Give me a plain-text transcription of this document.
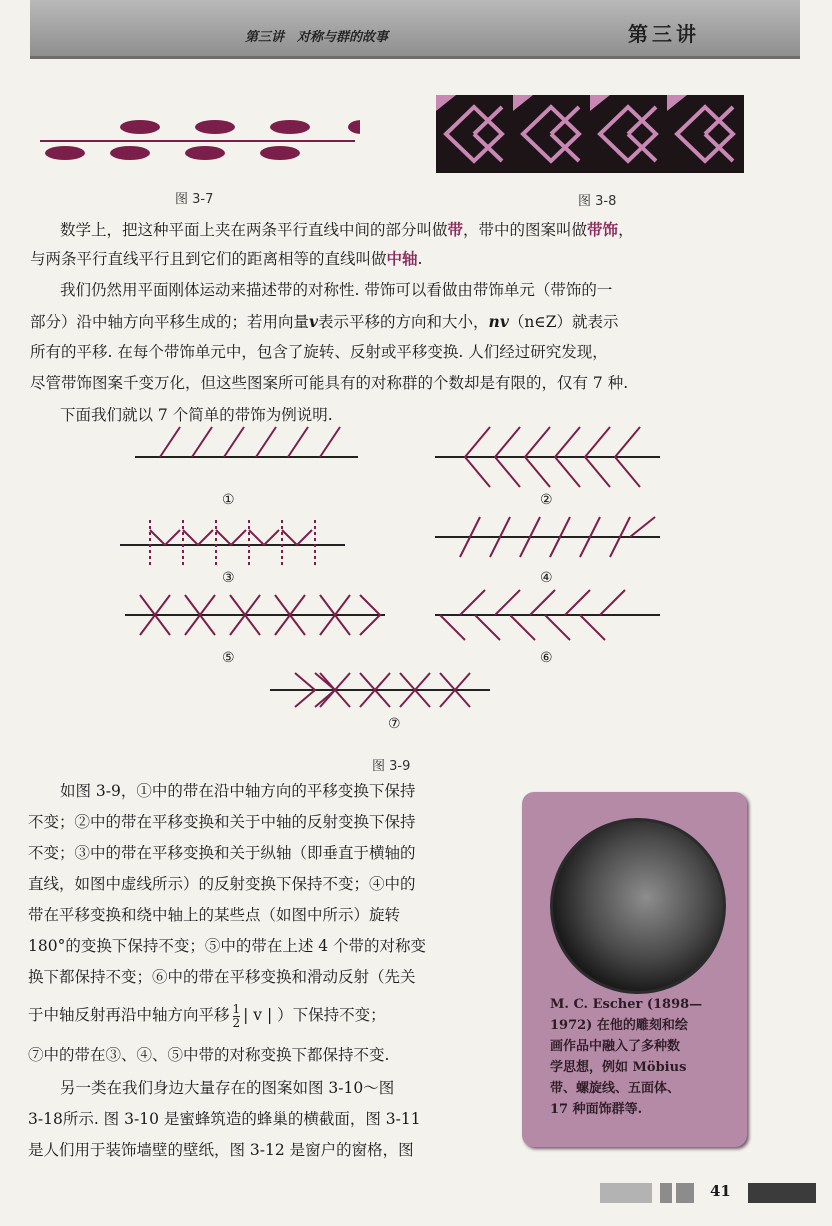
第三讲　对称与群的故事	第三讲
图 3-7	图 3-8
数学上，把这种平面上夹在两条平行直线中间的部分叫做带，带中的图案叫做带饰，
与两条平行直线平行且到它们的距离相等的直线叫做中轴.
我们仍然用平面刚体运动来描述带的对称性. 带饰可以看做由带饰单元（带饰的一
部分）沿中轴方向平移生成的；若用向量v表示平移的方向和大小，nv（n∈Z）就表示
所有的平移. 在每个带饰单元中，包含了旋转、反射或平移变换. 人们经过研究发现，
尽管带饰图案千变万化，但这些图案所可能具有的对称群的个数却是有限的，仅有 7 种.
下面我们就以 7 个简单的带饰为例说明.
①	②
③	④
⑤	⑥
⑦
图 3-9
如图 3-9，①中的带在沿中轴方向的平移变换下保持
不变；②中的带在平移变换和关于中轴的反射变换下保持
不变；③中的带在平移变换和关于纵轴（即垂直于横轴的
直线，如图中虚线所示）的反射变换下保持不变；④中的
带在平移变换和绕中轴上的某些点（如图中所示）旋转
180°的变换下保持不变；⑤中的带在上述 4 个带的对称变
换下都保持不变；⑥中的带在平移变换和滑动反射（先关
于中轴反射再沿中轴方向平移 $\frac{1}{2}$ | v | ）下保持不变；
⑦中的带在③、④、⑤中带的对称变换下都保持不变.
另一类在我们身边大量存在的图案如图 3-10～图
3-18所示. 图 3-10 是蜜蜂筑造的蜂巢的横截面，图 3-11
是人们用于装饰墙壁的壁纸，图 3-12 是窗户的窗格，图
M. C. Escher (1898—
1972) 在他的雕刻和绘
画作品中融入了多种数
学思想，例如 Möbius
带、螺旋线、五面体、
17 种面饰群等.
41
